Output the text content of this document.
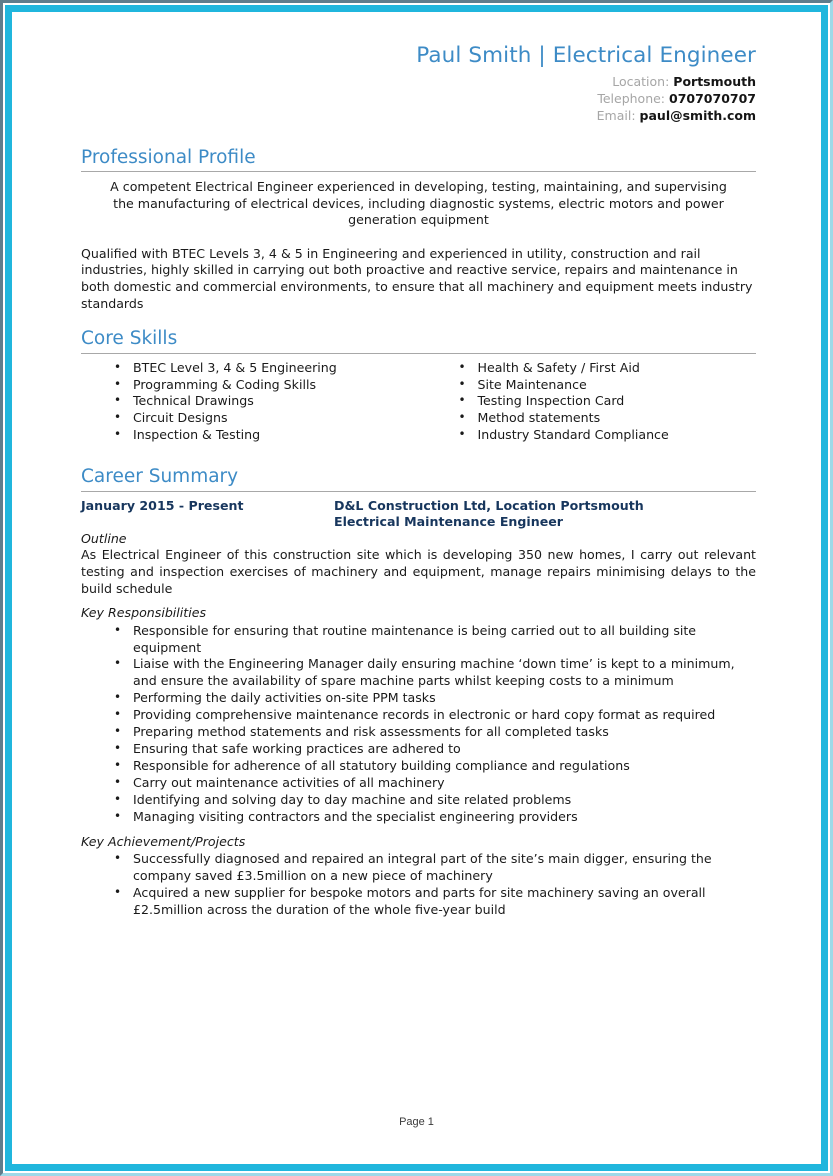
Paul Smith | Electrical Engineer
Location: Portsmouth
Telephone: 0707070707
Email: paul@smith.com
Professional Profile
A competent Electrical Engineer experienced in developing, testing, maintaining, and supervising the manufacturing of electrical devices, including diagnostic systems, electric motors and power generation equipment
Qualified with BTEC Levels 3, 4 & 5 in Engineering and experienced in utility, construction and rail industries, highly skilled in carrying out both proactive and reactive service, repairs and maintenance in both domestic and commercial environments, to ensure that all machinery and equipment meets industry standards
Core Skills
• BTEC Level 3, 4 & 5 Engineering
• Programming & Coding Skills
• Technical Drawings
• Circuit Designs
• Inspection & Testing
• Health & Safety / First Aid
• Site Maintenance
• Testing Inspection Card
• Method statements
• Industry Standard Compliance
Career Summary
January 2015 - Present	D&L Construction Ltd, Location Portsmouth
Electrical Maintenance Engineer
Outline
As Electrical Engineer of this construction site which is developing 350 new homes, I carry out relevant testing and inspection exercises of machinery and equipment, manage repairs minimising delays to the build schedule
Key Responsibilities
• Responsible for ensuring that routine maintenance is being carried out to all building site equipment
• Liaise with the Engineering Manager daily ensuring machine ‘down time’ is kept to a minimum, and ensure the availability of spare machine parts whilst keeping costs to a minimum
• Performing the daily activities on-site PPM tasks
• Providing comprehensive maintenance records in electronic or hard copy format as required
• Preparing method statements and risk assessments for all completed tasks
• Ensuring that safe working practices are adhered to
• Responsible for adherence of all statutory building compliance and regulations
• Carry out maintenance activities of all machinery
• Identifying and solving day to day machine and site related problems
• Managing visiting contractors and the specialist engineering providers
Key Achievement/Projects
• Successfully diagnosed and repaired an integral part of the site’s main digger, ensuring the company saved £3.5million on a new piece of machinery
• Acquired a new supplier for bespoke motors and parts for site machinery saving an overall £2.5million across the duration of the whole five-year build
Page 1
